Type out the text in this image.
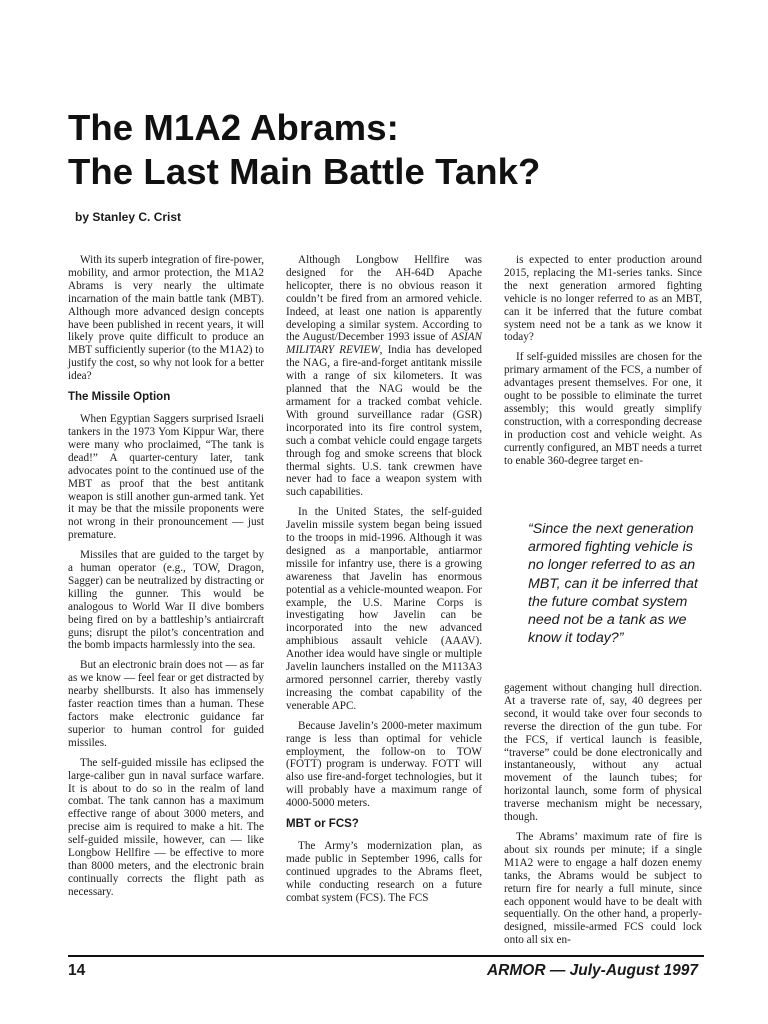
The M1A2 Abrams:
The Last Main Battle Tank?

by Stanley C. Crist

With its superb integration of fire-power, mobility, and armor protection, the M1A2 Abrams is very nearly the ultimate incarnation of the main battle tank (MBT). Although more advanced design concepts have been published in recent years, it will likely prove quite difficult to produce an MBT sufficiently superior (to the M1A2) to justify the cost, so why not look for a better idea?

The Missile Option

When Egyptian Saggers surprised Israeli tankers in the 1973 Yom Kippur War, there were many who proclaimed, “The tank is dead!” A quarter-century later, tank advocates point to the continued use of the MBT as proof that the best antitank weapon is still another gun-armed tank. Yet it may be that the missile proponents were not wrong in their pronouncement — just premature.

Missiles that are guided to the target by a human operator (e.g., TOW, Dragon, Sagger) can be neutralized by distracting or killing the gunner. This would be analogous to World War II dive bombers being fired on by a battleship’s antiaircraft guns; disrupt the pilot’s concentration and the bomb impacts harmlessly into the sea.

But an electronic brain does not — as far as we know — feel fear or get distracted by nearby shellbursts. It also has immensely faster reaction times than a human. These factors make electronic guidance far superior to human control for guided missiles.

The self-guided missile has eclipsed the large-caliber gun in naval surface warfare. It is about to do so in the realm of land combat. The tank cannon has a maximum effective range of about 3000 meters, and precise aim is required to make a hit. The self-guided missile, however, can — like Longbow Hellfire — be effective to more than 8000 meters, and the electronic brain continually corrects the flight path as necessary.

Although Longbow Hellfire was designed for the AH-64D Apache helicopter, there is no obvious reason it couldn’t be fired from an armored vehicle. Indeed, at least one nation is apparently developing a similar system. According to the August/December 1993 issue of ASIAN MILITARY REVIEW, India has developed the NAG, a fire-and-forget antitank missile with a range of six kilometers. It was planned that the NAG would be the armament for a tracked combat vehicle. With ground surveillance radar (GSR) incorporated into its fire control system, such a combat vehicle could engage targets through fog and smoke screens that block thermal sights. U.S. tank crewmen have never had to face a weapon system with such capabilities.

In the United States, the self-guided Javelin missile system began being issued to the troops in mid-1996. Although it was designed as a manportable, antiarmor missile for infantry use, there is a growing awareness that Javelin has enormous potential as a vehicle-mounted weapon. For example, the U.S. Marine Corps is investigating how Javelin can be incorporated into the new advanced amphibious assault vehicle (AAAV). Another idea would have single or multiple Javelin launchers installed on the M113A3 armored personnel carrier, thereby vastly increasing the combat capability of the venerable APC.

Because Javelin’s 2000-meter maximum range is less than optimal for vehicle employment, the follow-on to TOW (FOTT) program is underway. FOTT will also use fire-and-forget technologies, but it will probably have a maximum range of 4000-5000 meters.

MBT or FCS?

The Army’s modernization plan, as made public in September 1996, calls for continued upgrades to the Abrams fleet, while conducting research on a future combat system (FCS). The FCS

is expected to enter production around 2015, replacing the M1-series tanks. Since the next generation armored fighting vehicle is no longer referred to as an MBT, can it be inferred that the future combat system need not be a tank as we know it today?

If self-guided missiles are chosen for the primary armament of the FCS, a number of advantages present themselves. For one, it ought to be possible to eliminate the turret assembly; this would greatly simplify construction, with a corresponding decrease in production cost and vehicle weight. As currently configured, an MBT needs a turret to enable 360-degree target en-

“Since the next generation armored fighting vehicle is no longer referred to as an MBT, can it be inferred that the future combat system need not be a tank as we know it today?”

gagement without changing hull direction. At a traverse rate of, say, 40 degrees per second, it would take over four seconds to reverse the direction of the gun tube. For the FCS, if vertical launch is feasible, “traverse” could be done electronically and instantaneously, without any actual movement of the launch tubes; for horizontal launch, some form of physical traverse mechanism might be necessary, though.

The Abrams’ maximum rate of fire is about six rounds per minute; if a single M1A2 were to engage a half dozen enemy tanks, the Abrams would be subject to return fire for nearly a full minute, since each opponent would have to be dealt with sequentially. On the other hand, a properly-designed, missile-armed FCS could lock onto all six en-

14	ARMOR — July-August 1997
